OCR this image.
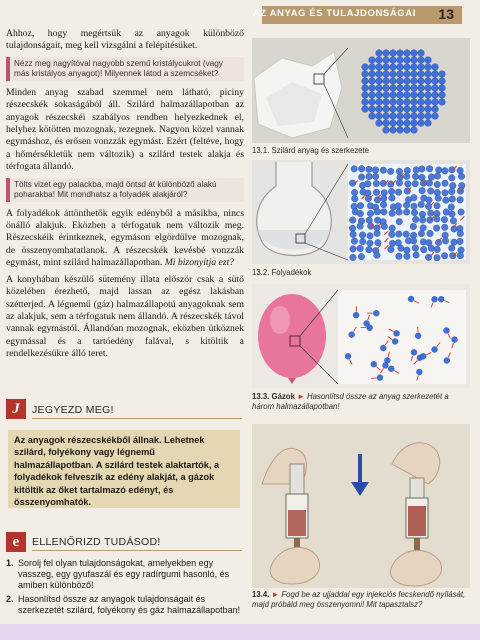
AZ ANYAG ÉS TULAJDONSÁGAI 13

Ahhoz, hogy megértsük az anyagok különböző tulajdonságait, meg kell vizsgálni a felépítésüket.

Nézz meg nagyítóval nagyobb szemű kristálycukrot (vagy más kristályos anyagot)! Milyennek látod a szemcséket?

Minden anyag szabad szemmel nem látható, piciny részecskék sokaságából áll. Szilárd halmazállapotban az anyagok részecskéi szabályos rendben helyezkednek el, helyhez kötötten mozognak, rezegnek. Nagyon közel vannak egymáshoz, és erősen vonzzák egymást. Ezért (feltéve, hogy a hőmérsékletük nem változik) a szilárd testek alakja és térfogata állandó.

Tölts vizet egy palackba, majd öntsd át különböző alakú poharakba! Mit mondhatsz a folyadék alakjáról?

A folyadékok áttönthetők egyik edényből a másikba, nincs önálló alakjuk. Eközben a térfogatuk nem változik meg. Részecskéik érintkeznek, egymáson elgördülve mozognak, de összenyomhatatlanok. A részecskék kevésbé vonzzák egymást, mint szilárd halmazállapotban. Mi bizonyítja ezt?

A konyhában készülő sütemény illata először csak a sütő közelében érezhető, majd lassan az egész lakásban szétterjed. A légnemű (gáz) halmazállapotú anyagoknak sem az alakjuk, sem a térfogatuk nem állandó. A részecskék távol vannak egymástól. Állandóan mozognak, eközben ütköznek egymással és a tartóedény falával, s kitöltik a rendelkezésükre álló teret.

J	JEGYEZD MEG!
Az anyagok részecskékből állnak. Lehetnek szilárd, folyékony vagy légnemű halmazállapotban. A szilárd testek alaktartók, a folyadékok felveszik az edény alakját, a gázok kitöltik az őket tartalmazó edényt, és összenyomhatók.
e	ELLENŐRIZD TUDÁSOD!
1. Sorolj fel olyan tulajdonságokat, amelyekben egy vasszeg, egy gyufaszál és egy radírgumi hasonló, és amiben különböző!
2. Hasonlítsd össze az anyagok tulajdonságait és szerkezetét szilárd, folyékony és gáz halmazállapotban!
13.1. Szilárd anyag és szerkezete
13.2. Folyadékok
13.3. Gázok ► Hasonlítsd össze az anyag szerkezetét a három halmazállapotban!
13.4. ► Fogd be az ujjaddal egy injekciós fecskendő nyílását, majd próbáld meg összenyomni! Mit tapasztalsz?
